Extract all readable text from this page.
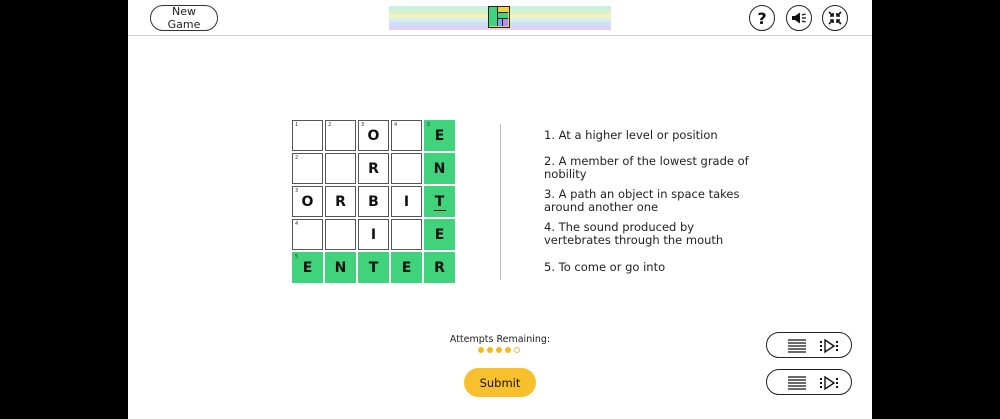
New Game	?
1	2	3
O
4	5
E
2
R	N
3
O R B I T
4
I	E
5
E N T E R
1. At a higher level or position
2. A member of the lowest grade of nobility
3. A path an object in space takes around another one
4. The sound produced by vertebrates through the mouth
5. To come or go into
Attempts Remaining:
Submit
